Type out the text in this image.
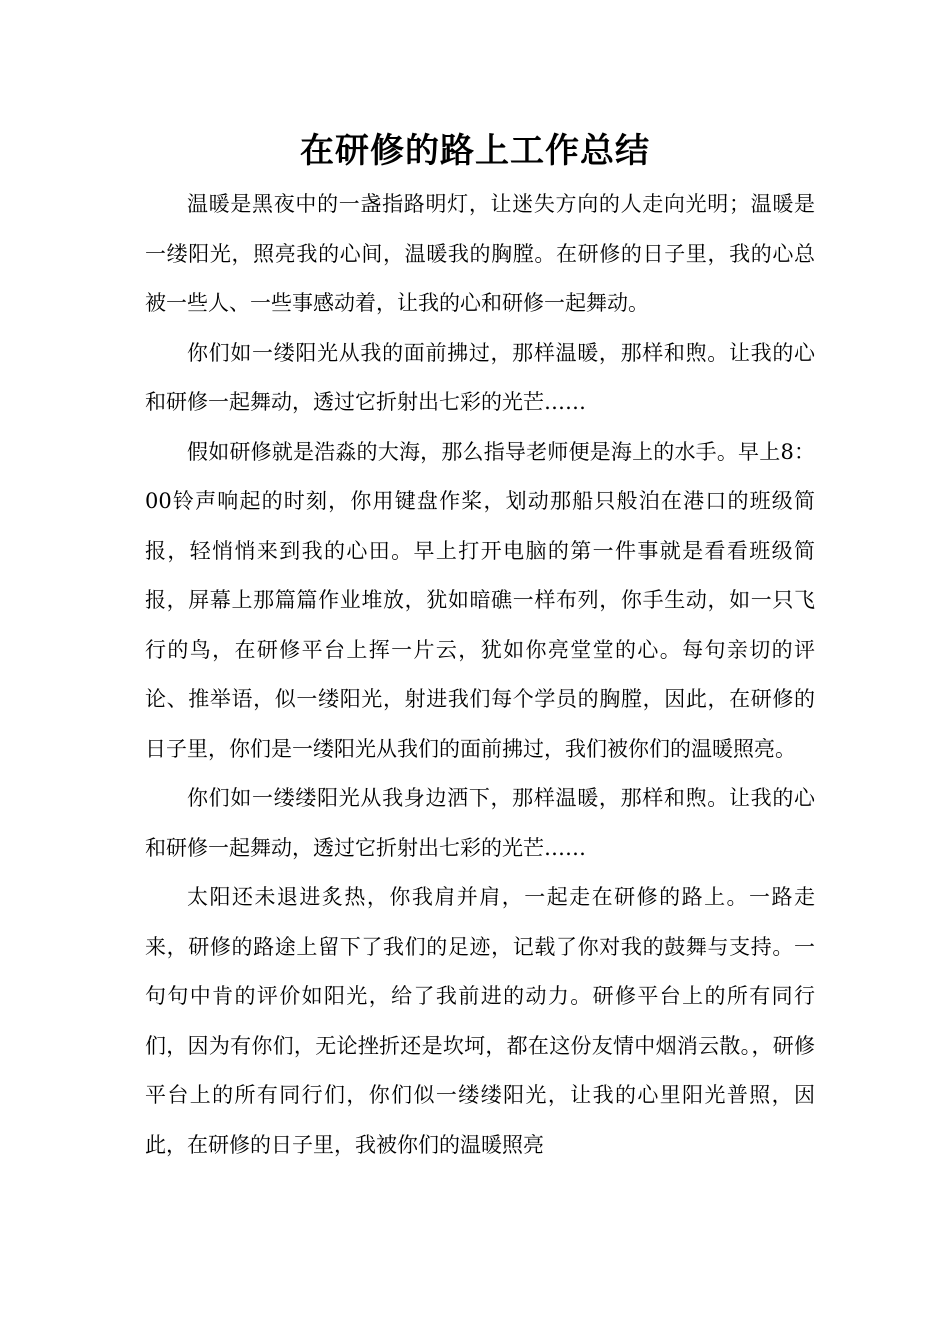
在研修的路上工作总结

温暖是黑夜中的一盏指路明灯，让迷失方向的人走向光明；温暖是一缕阳光，照亮我的心间，温暖我的胸膛。在研修的日子里，我的心总被一些人、一些事感动着，让我的心和研修一起舞动。

你们如一缕阳光从我的面前拂过，那样温暖，那样和煦。让我的心和研修一起舞动，透过它折射出七彩的光芒……

假如研修就是浩淼的大海，那么指导老师便是海上的水手。早上8：00铃声响起的时刻，你用键盘作桨，划动那船只般泊在港口的班级简报，轻悄悄来到我的心田。早上打开电脑的第一件事就是看看班级简报，屏幕上那篇篇作业堆放，犹如暗礁一样布列，你手生动，如一只飞行的鸟，在研修平台上挥一片云，犹如你亮堂堂的心。每句亲切的评论、推举语，似一缕阳光，射进我们每个学员的胸膛，因此，在研修的日子里，你们是一缕阳光从我们的面前拂过，我们被你们的温暖照亮。

你们如一缕缕阳光从我身边洒下，那样温暖，那样和煦。让我的心和研修一起舞动，透过它折射出七彩的光芒……

太阳还未退进炙热，你我肩并肩，一起走在研修的路上。一路走来，研修的路途上留下了我们的足迹，记载了你对我的鼓舞与支持。一句句中肯的评价如阳光，给了我前进的动力。研修平台上的所有同行们，因为有你们，无论挫折还是坎坷，都在这份友情中烟消云散。，研修平台上的所有同行们，你们似一缕缕阳光，让我的心里阳光普照，因此，在研修的日子里，我被你们的温暖照亮
